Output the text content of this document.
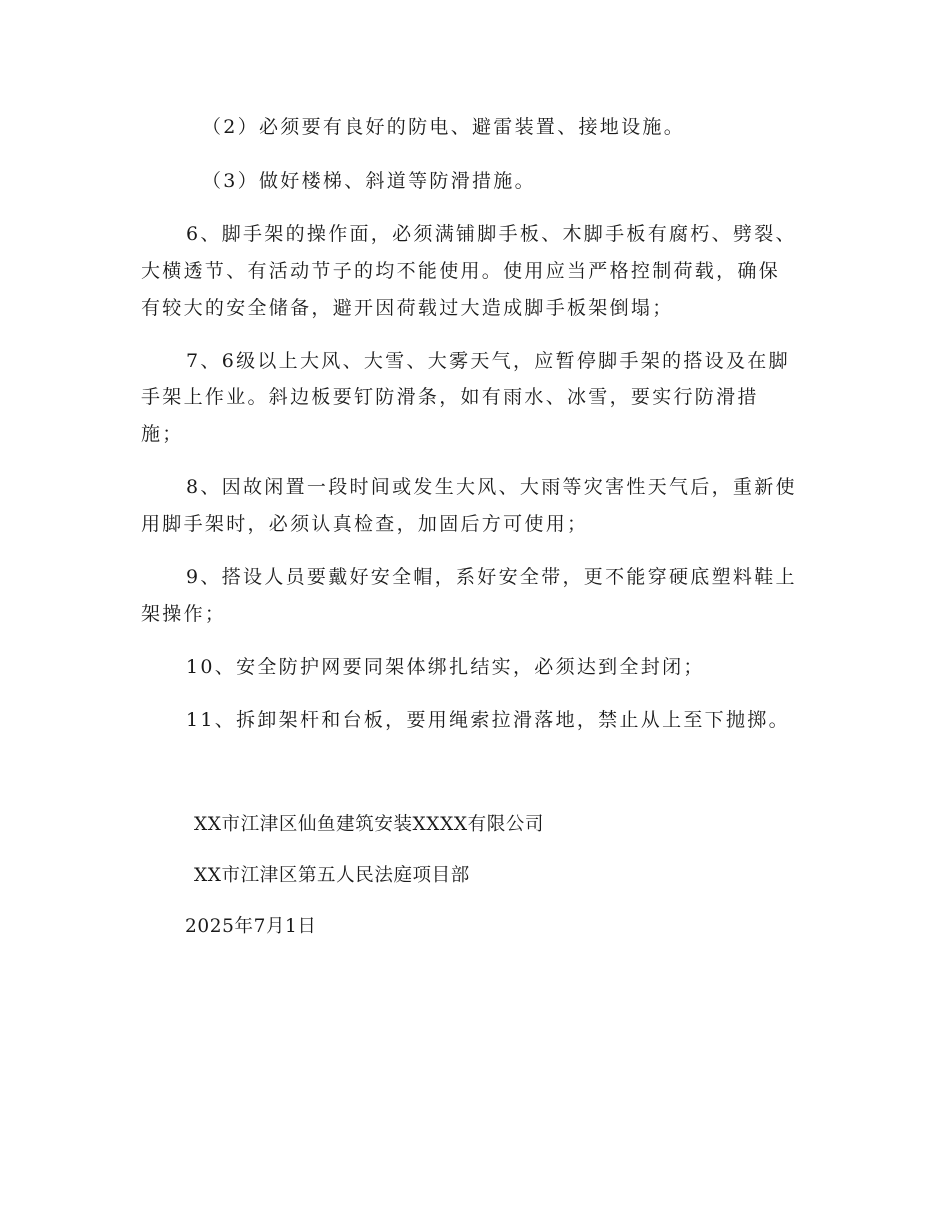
（2）必须要有良好的防电、避雷装置、接地设施。
（3）做好楼梯、斜道等防滑措施。
6、脚手架的操作面，必须满铺脚手板、木脚手板有腐朽、劈裂、
大横透节、有活动节子的均不能使用。使用应当严格控制荷载，确保
有较大的安全储备，避开因荷载过大造成脚手板架倒塌；
7、6级以上大风、大雪、大雾天气，应暂停脚手架的搭设及在脚
手架上作业。斜边板要钉防滑条，如有雨水、冰雪，要实行防滑措
施；
8、因故闲置一段时间或发生大风、大雨等灾害性天气后，重新使
用脚手架时，必须认真检查，加固后方可使用；
9、搭设人员要戴好安全帽，系好安全带，更不能穿硬底塑料鞋上
架操作；
10、安全防护网要同架体绑扎结实，必须达到全封闭；
11、拆卸架杆和台板，要用绳索拉滑落地，禁止从上至下抛掷。
XX市江津区仙鱼建筑安装XXXX有限公司
XX市江津区第五人民法庭项目部
2025年7月1日
